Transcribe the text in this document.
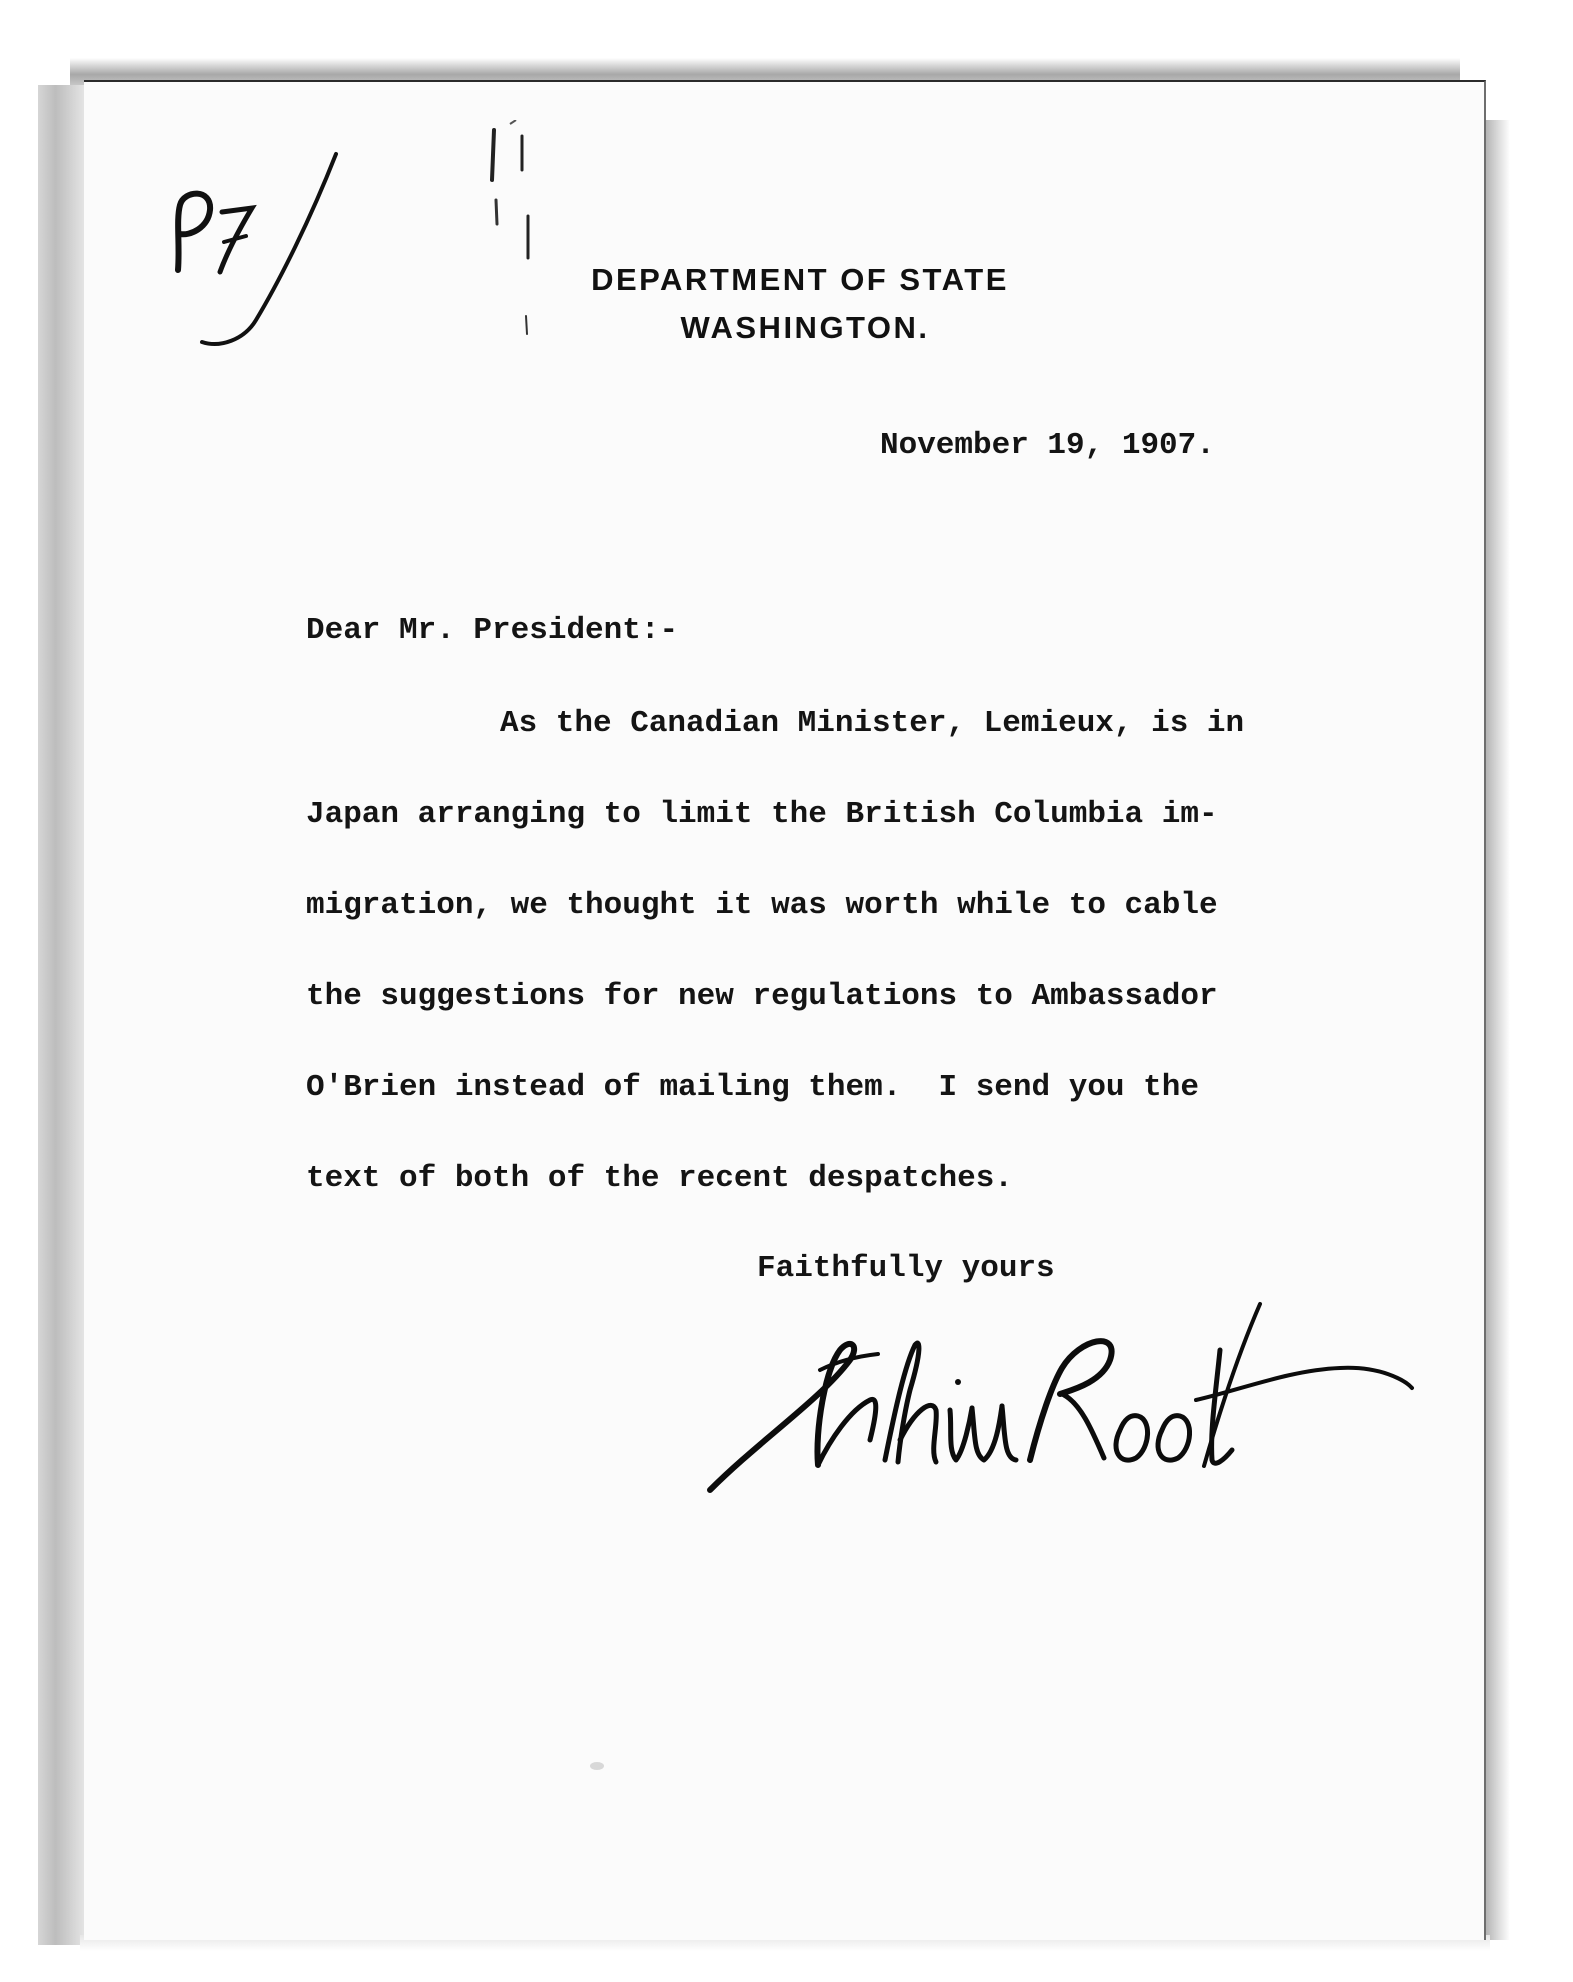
DEPARTMENT OF STATE
WASHINGTON.
November 19, 1907.
Dear Mr. President:-
As the Canadian Minister, Lemieux, is in
Japan arranging to limit the British Columbia im-
migration, we thought it was worth while to cable
the suggestions for new regulations to Ambassador
O'Brien instead of mailing them.  I send you the
text of both of the recent despatches.
Faithfully yours
